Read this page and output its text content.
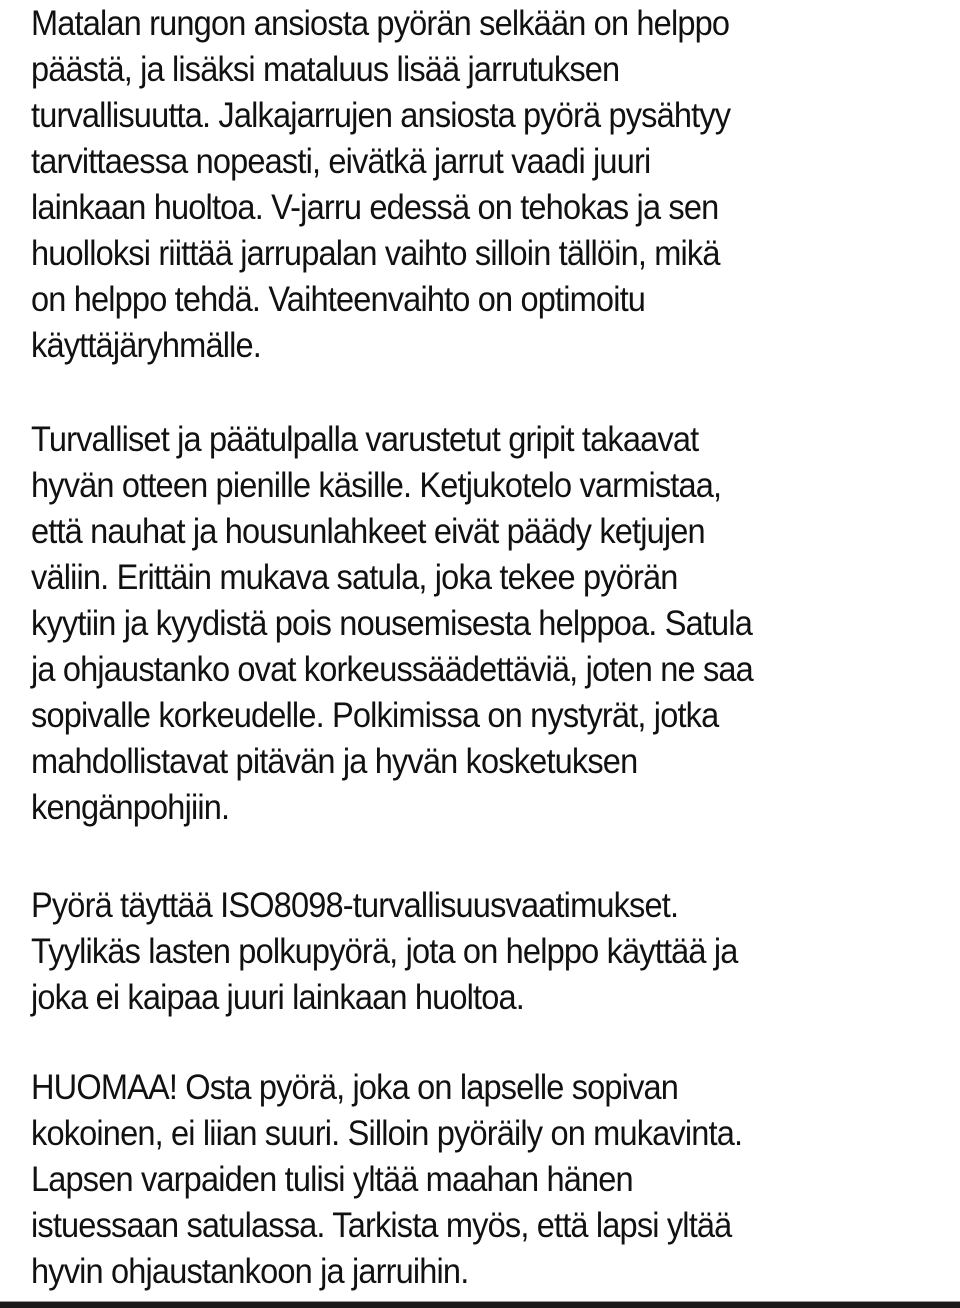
Matalan rungon ansiosta pyörän selkään on helppo
päästä, ja lisäksi mataluus lisää jarrutuksen
turvallisuutta. Jalkajarrujen ansiosta pyörä pysähtyy
tarvittaessa nopeasti, eivätkä jarrut vaadi juuri
lainkaan huoltoa. V-jarru edessä on tehokas ja sen
huolloksi riittää jarrupalan vaihto silloin tällöin, mikä
on helppo tehdä. Vaihteenvaihto on optimoitu
käyttäjäryhmälle.
Turvalliset ja päätulpalla varustetut gripit takaavat
hyvän otteen pienille käsille. Ketjukotelo varmistaa,
että nauhat ja housunlahkeet eivät päädy ketjujen
väliin. Erittäin mukava satula, joka tekee pyörän
kyytiin ja kyydistä pois nousemisesta helppoa. Satula
ja ohjaustanko ovat korkeussäädettäviä, joten ne saa
sopivalle korkeudelle. Polkimissa on nystyrät, jotka
mahdollistavat pitävän ja hyvän kosketuksen
kengänpohjiin.
Pyörä täyttää ISO8098-turvallisuusvaatimukset.
Tyylikäs lasten polkupyörä, jota on helppo käyttää ja
joka ei kaipaa juuri lainkaan huoltoa.
HUOMAA! Osta pyörä, joka on lapselle sopivan
kokoinen, ei liian suuri. Silloin pyöräily on mukavinta.
Lapsen varpaiden tulisi yltää maahan hänen
istuessaan satulassa. Tarkista myös, että lapsi yltää
hyvin ohjaustankoon ja jarruihin.
